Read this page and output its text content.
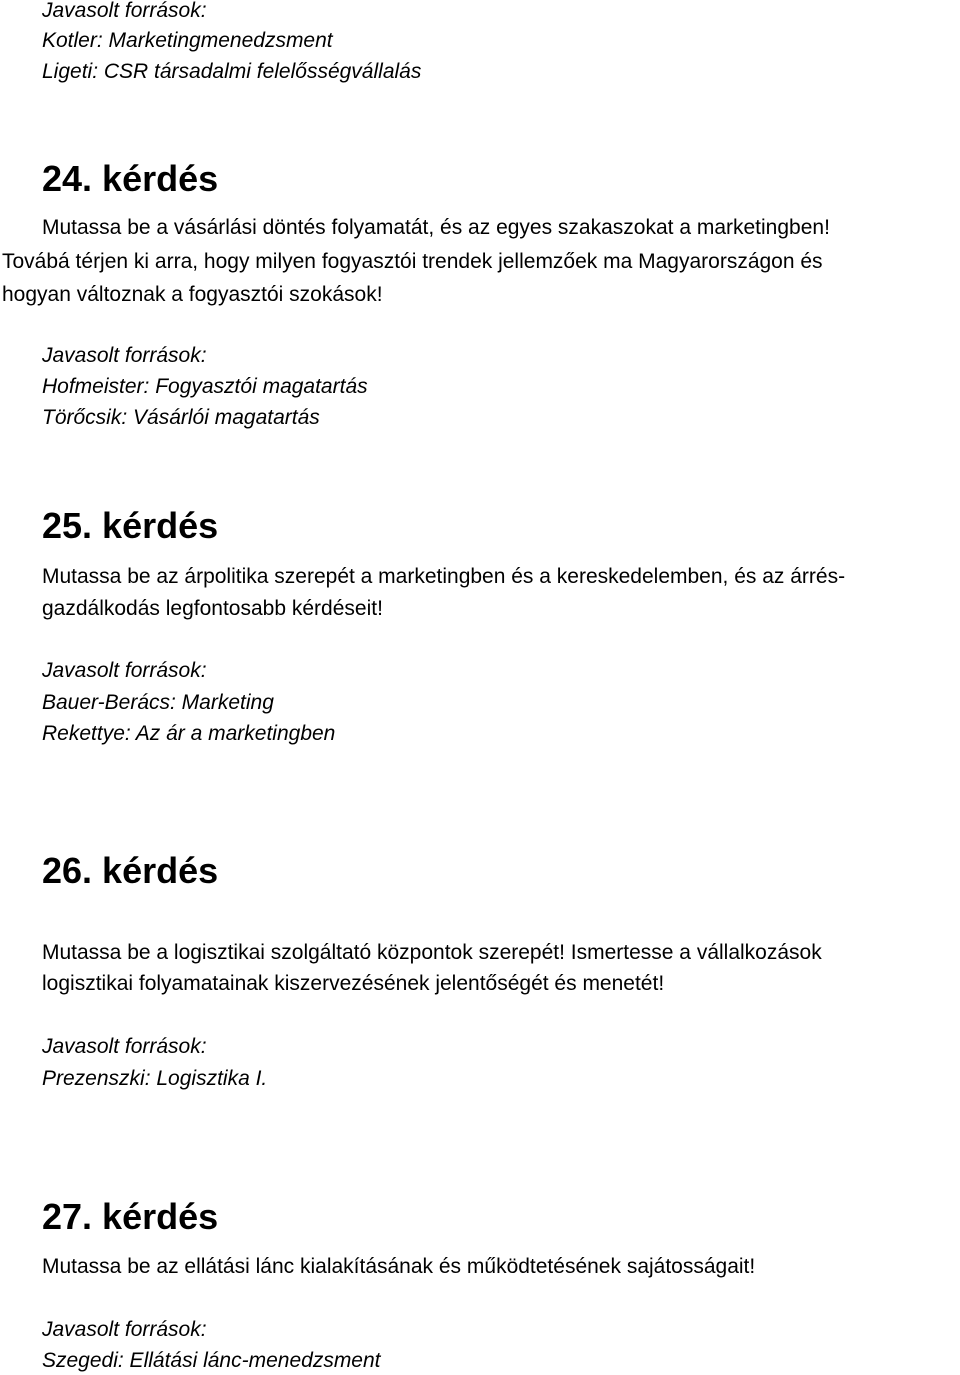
Javasolt források:
Kotler: Marketingmenedzsment
Ligeti: CSR társadalmi felelősségvállalás
24. kérdés
Mutassa be a vásárlási döntés folyamatát, és az egyes szakaszokat a marketingben!
Továbá térjen ki arra, hogy milyen fogyasztói trendek jellemzőek ma Magyarországon és
hogyan változnak a fogyasztói szokások!
Javasolt források:
Hofmeister: Fogyasztói magatartás
Törőcsik: Vásárlói magatartás
25. kérdés
Mutassa be az árpolitika szerepét a marketingben és a kereskedelemben, és az árrés-
gazdálkodás legfontosabb kérdéseit!
Javasolt források:
Bauer-Berács: Marketing
Rekettye: Az ár a marketingben
26. kérdés
Mutassa be a logisztikai szolgáltató központok szerepét! Ismertesse a vállalkozások
logisztikai folyamatainak kiszervezésének jelentőségét és menetét!
Javasolt források:
Prezenszki: Logisztika I.
27. kérdés
Mutassa be az ellátási lánc kialakításának és működtetésének sajátosságait!
Javasolt források:
Szegedi: Ellátási lánc-menedzsment
